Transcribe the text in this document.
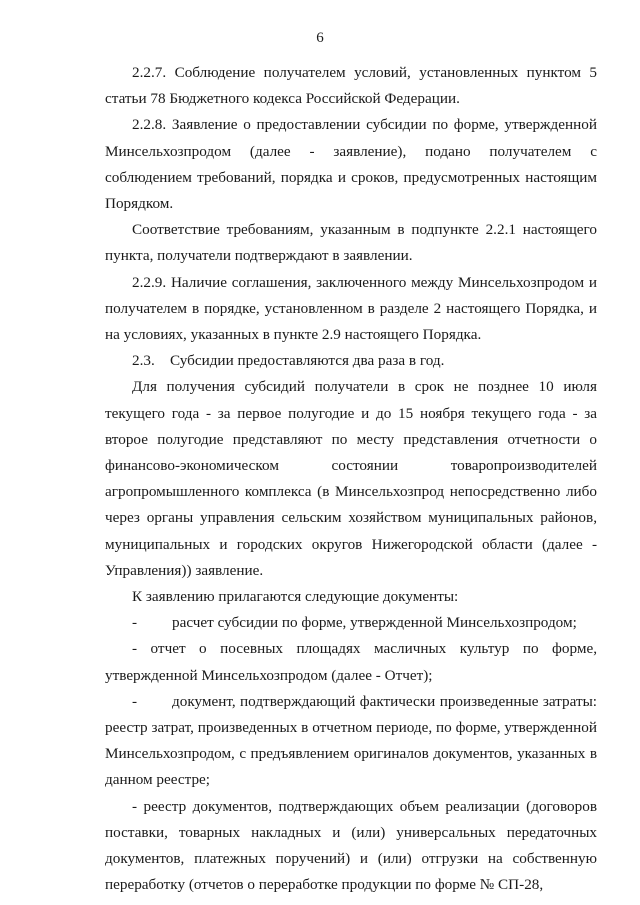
6

2.2.7. Соблюдение получателем условий, установленных пунктом 5 статьи 78 Бюджетного кодекса Российской Федерации.

2.2.8. Заявление о предоставлении субсидии по форме, утвержденной Минсельхозпродом (далее - заявление), подано получателем с соблюдением требований, порядка и сроков, предусмотренных настоящим Порядком.

Соответствие требованиям, указанным в подпункте 2.2.1 настоящего пункта, получатели подтверждают в заявлении.

2.2.9. Наличие соглашения, заключенного между Минсельхозпродом и получателем в порядке, установленном в разделе 2 настоящего Порядка, и на условиях, указанных в пункте 2.9 настоящего Порядка.

2.3.    Субсидии предоставляются два раза в год.

Для получения субсидий получатели в срок не позднее 10 июля текущего года - за первое полугодие и до 15 ноября текущего года - за второе полугодие представляют по месту представления отчетности о финансово-экономическом состоянии товаропроизводителей агропромышленного комплекса (в Минсельхозпрод непосредственно либо через органы управления сельским хозяйством муниципальных районов, муниципальных и городских округов Нижегородской области (далее - Управления)) заявление.

К заявлению прилагаются следующие документы:

- расчет субсидии по форме, утвержденной Минсельхозпродом;

- отчет о посевных площадях масличных культур по форме, утвержденной Минсельхозпродом (далее - Отчет);

- документ, подтверждающий фактически произведенные затраты: реестр затрат, произведенных в отчетном периоде, по форме, утвержденной Минсельхозпродом, с предъявлением оригиналов документов, указанных в данном реестре;

- реестр документов, подтверждающих объем реализации (договоров поставки, товарных накладных и (или) универсальных передаточных документов, платежных поручений) и (или) отгрузки на собственную переработку (отчетов о переработке продукции по форме № СП-28,
